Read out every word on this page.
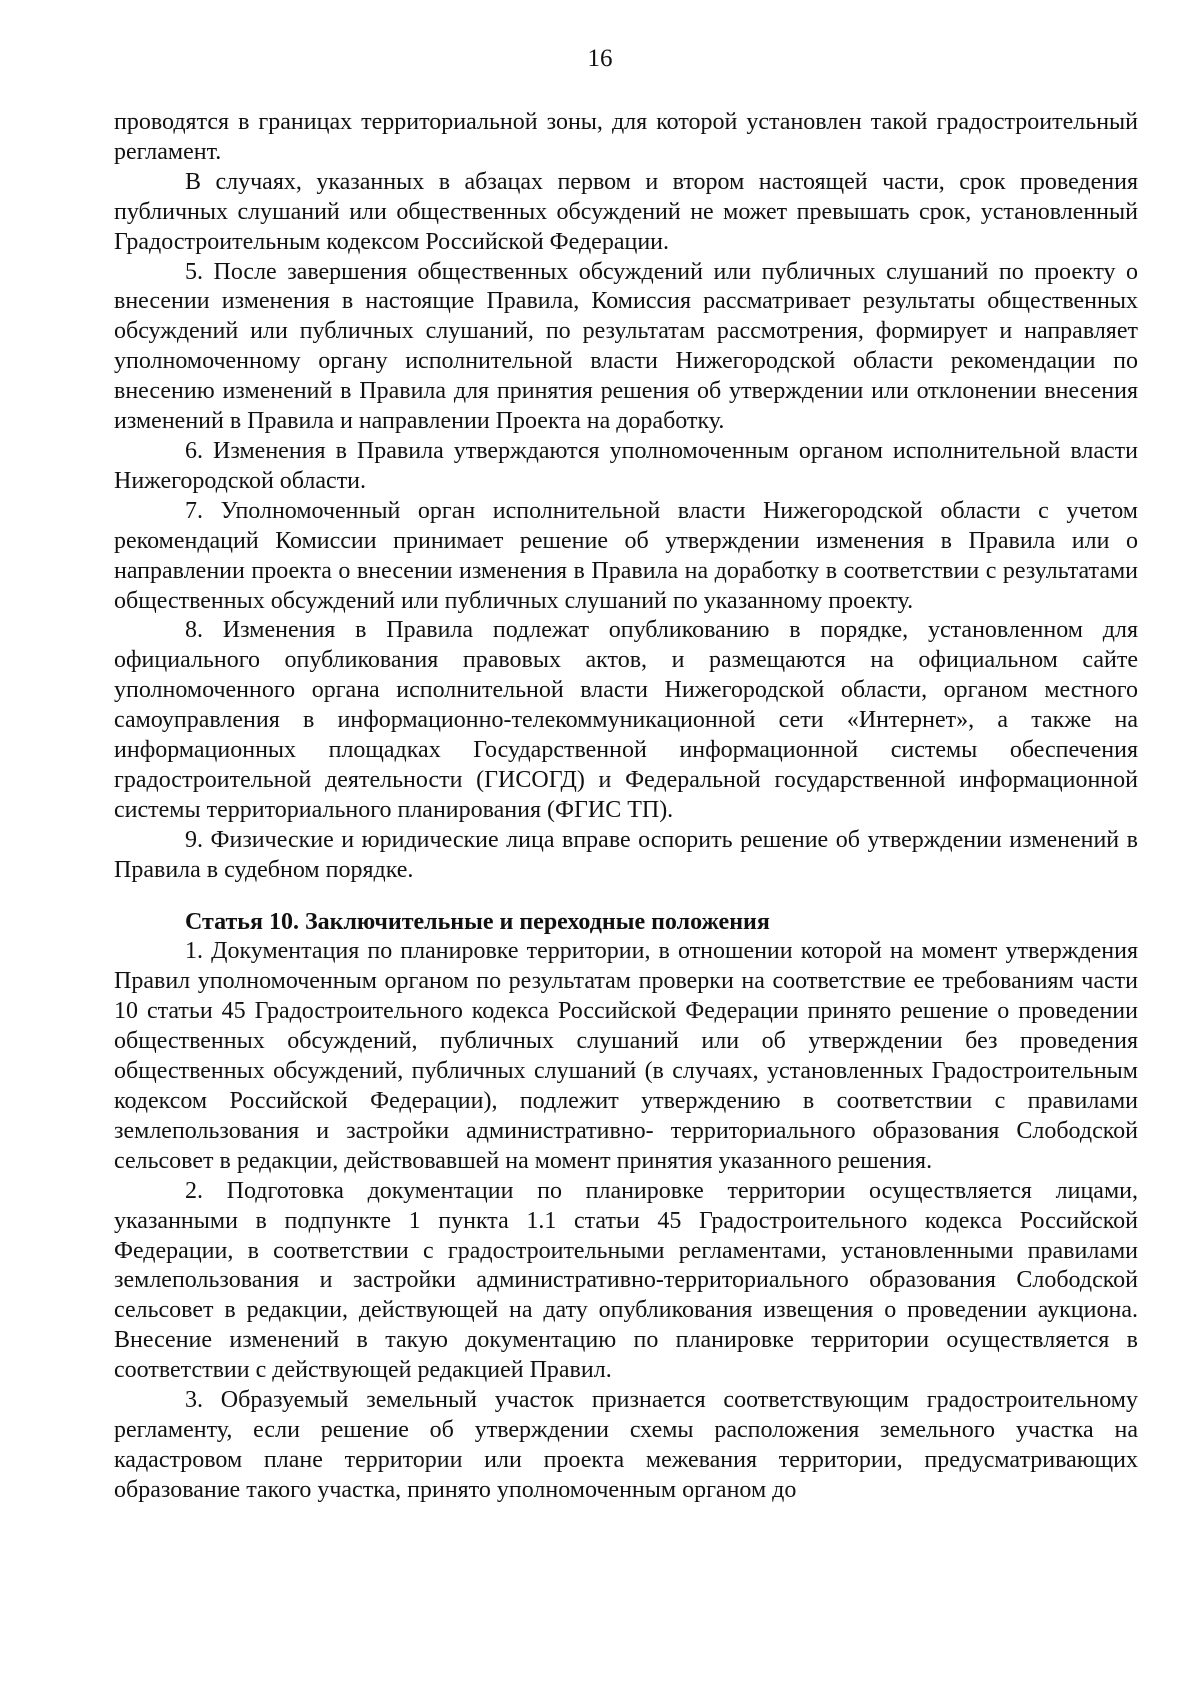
16

проводятся в границах территориальной зоны, для которой установлен такой градостроительный регламент.

В случаях, указанных в абзацах первом и втором настоящей части, срок проведения публичных слушаний или общественных обсуждений не может превышать срок, установленный Градостроительным кодексом Российской Федерации.

5. После завершения общественных обсуждений или публичных слушаний по проекту о внесении изменения в настоящие Правила, Комиссия рассматривает результаты общественных обсуждений или публичных слушаний, по результатам рассмотрения, формирует и направляет уполномоченному органу исполнительной власти Нижегородской области рекомендации по внесению изменений в Правила для принятия решения об утверждении или отклонении внесения изменений в Правила и направлении Проекта на доработку.

6. Изменения в Правила утверждаются уполномоченным органом исполнительной власти Нижегородской области.

7. Уполномоченный орган исполнительной власти Нижегородской области с учетом рекомендаций Комиссии принимает решение об утверждении изменения в Правила или о направлении проекта о внесении изменения в Правила на доработку в соответствии с результатами общественных обсуждений или публичных слушаний по указанному проекту.

8. Изменения в Правила подлежат опубликованию в порядке, установленном для официального опубликования правовых актов, и размещаются на официальном сайте уполномоченного органа исполнительной власти Нижегородской области, органом местного самоуправления в информационно-телекоммуникационной сети «Интернет», а также на информационных площадках Государственной информационной системы обеспечения градостроительной деятельности (ГИСОГД) и Федеральной государственной информационной системы территориального планирования (ФГИС ТП).

9. Физические и юридические лица вправе оспорить решение об утверждении изменений в Правила в судебном порядке.

Статья 10. Заключительные и переходные положения

1. Документация по планировке территории, в отношении которой на момент утверждения Правил уполномоченным органом по результатам проверки на соответствие ее требованиям части 10 статьи 45 Градостроительного кодекса Российской Федерации принято решение о проведении общественных обсуждений, публичных слушаний или об утверждении без проведения общественных обсуждений, публичных слушаний (в случаях, установленных Градостроительным кодексом Российской Федерации), подлежит утверждению в соответствии с правилами землепользования и застройки административно- территориального образования Слободской сельсовет в редакции, действовавшей на момент принятия указанного решения.

2. Подготовка документации по планировке территории осуществляется лицами, указанными в подпункте 1 пункта 1.1 статьи 45 Градостроительного кодекса Российской Федерации, в соответствии с градостроительными регламентами, установленными правилами землепользования и застройки административно-территориального образования Слободской сельсовет в редакции, действующей на дату опубликования извещения о проведении аукциона. Внесение изменений в такую документацию по планировке территории осуществляется в соответствии с действующей редакцией Правил.

3. Образуемый земельный участок признается соответствующим градостроительному регламенту, если решение об утверждении схемы расположения земельного участка на кадастровом плане территории или проекта межевания территории, предусматривающих образование такого участка, принято уполномоченным органом до
